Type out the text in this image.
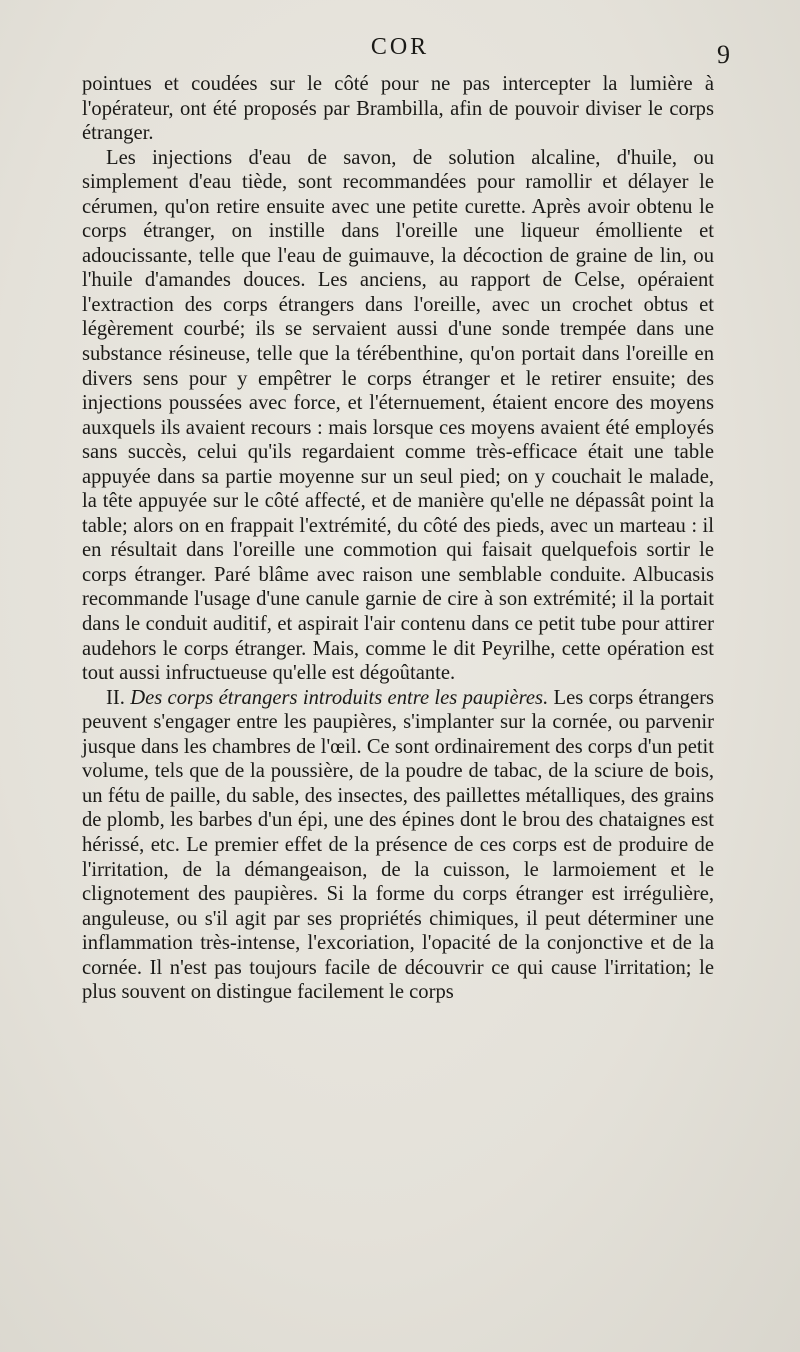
COR	9

pointues et coudées sur le côté pour ne pas intercepter la lumière à l'opérateur, ont été proposés par Brambilla, afin de pouvoir diviser le corps étranger.

Les injections d'eau de savon, de solution alcaline, d'huile, ou simplement d'eau tiède, sont recommandées pour ramollir et délayer le cérumen, qu'on retire ensuite avec une petite curette. Après avoir obtenu le corps étranger, on instille dans l'oreille une liqueur émolliente et adoucissante, telle que l'eau de guimauve, la décoction de graine de lin, ou l'huile d'amandes douces. Les anciens, au rapport de Celse, opéraient l'extraction des corps étrangers dans l'oreille, avec un crochet obtus et légèrement courbé; ils se servaient aussi d'une sonde trempée dans une substance résineuse, telle que la térébenthine, qu'on portait dans l'oreille en divers sens pour y empêtrer le corps étranger et le retirer ensuite; des injections poussées avec force, et l'éternuement, étaient encore des moyens auxquels ils avaient recours : mais lorsque ces moyens avaient été employés sans succès, celui qu'ils regardaient comme très-efficace était une table appuyée dans sa partie moyenne sur un seul pied; on y couchait le malade, la tête appuyée sur le côté affecté, et de manière qu'elle ne dépassât point la table; alors on en frappait l'extrémité, du côté des pieds, avec un marteau : il en résultait dans l'oreille une commotion qui faisait quelquefois sortir le corps étranger. Paré blâme avec raison une semblable conduite. Albucasis recommande l'usage d'une canule garnie de cire à son extrémité; il la portait dans le conduit auditif, et aspirait l'air contenu dans ce petit tube pour attirer audehors le corps étranger. Mais, comme le dit Peyrilhe, cette opération est tout aussi infructueuse qu'elle est dégoûtante.

II. Des corps étrangers introduits entre les paupières. Les corps étrangers peuvent s'engager entre les paupières, s'implanter sur la cornée, ou parvenir jusque dans les chambres de l'œil. Ce sont ordinairement des corps d'un petit volume, tels que de la poussière, de la poudre de tabac, de la sciure de bois, un fétu de paille, du sable, des insectes, des paillettes métalliques, des grains de plomb, les barbes d'un épi, une des épines dont le brou des chataignes est hérissé, etc. Le premier effet de la présence de ces corps est de produire de l'irritation, de la démangeaison, de la cuisson, le larmoiement et le clignotement des paupières. Si la forme du corps étranger est irrégulière, anguleuse, ou s'il agit par ses propriétés chimiques, il peut déterminer une inflammation très-intense, l'excoriation, l'opacité de la conjonctive et de la cornée. Il n'est pas toujours facile de découvrir ce qui cause l'irritation; le plus souvent on distingue facilement le corps
